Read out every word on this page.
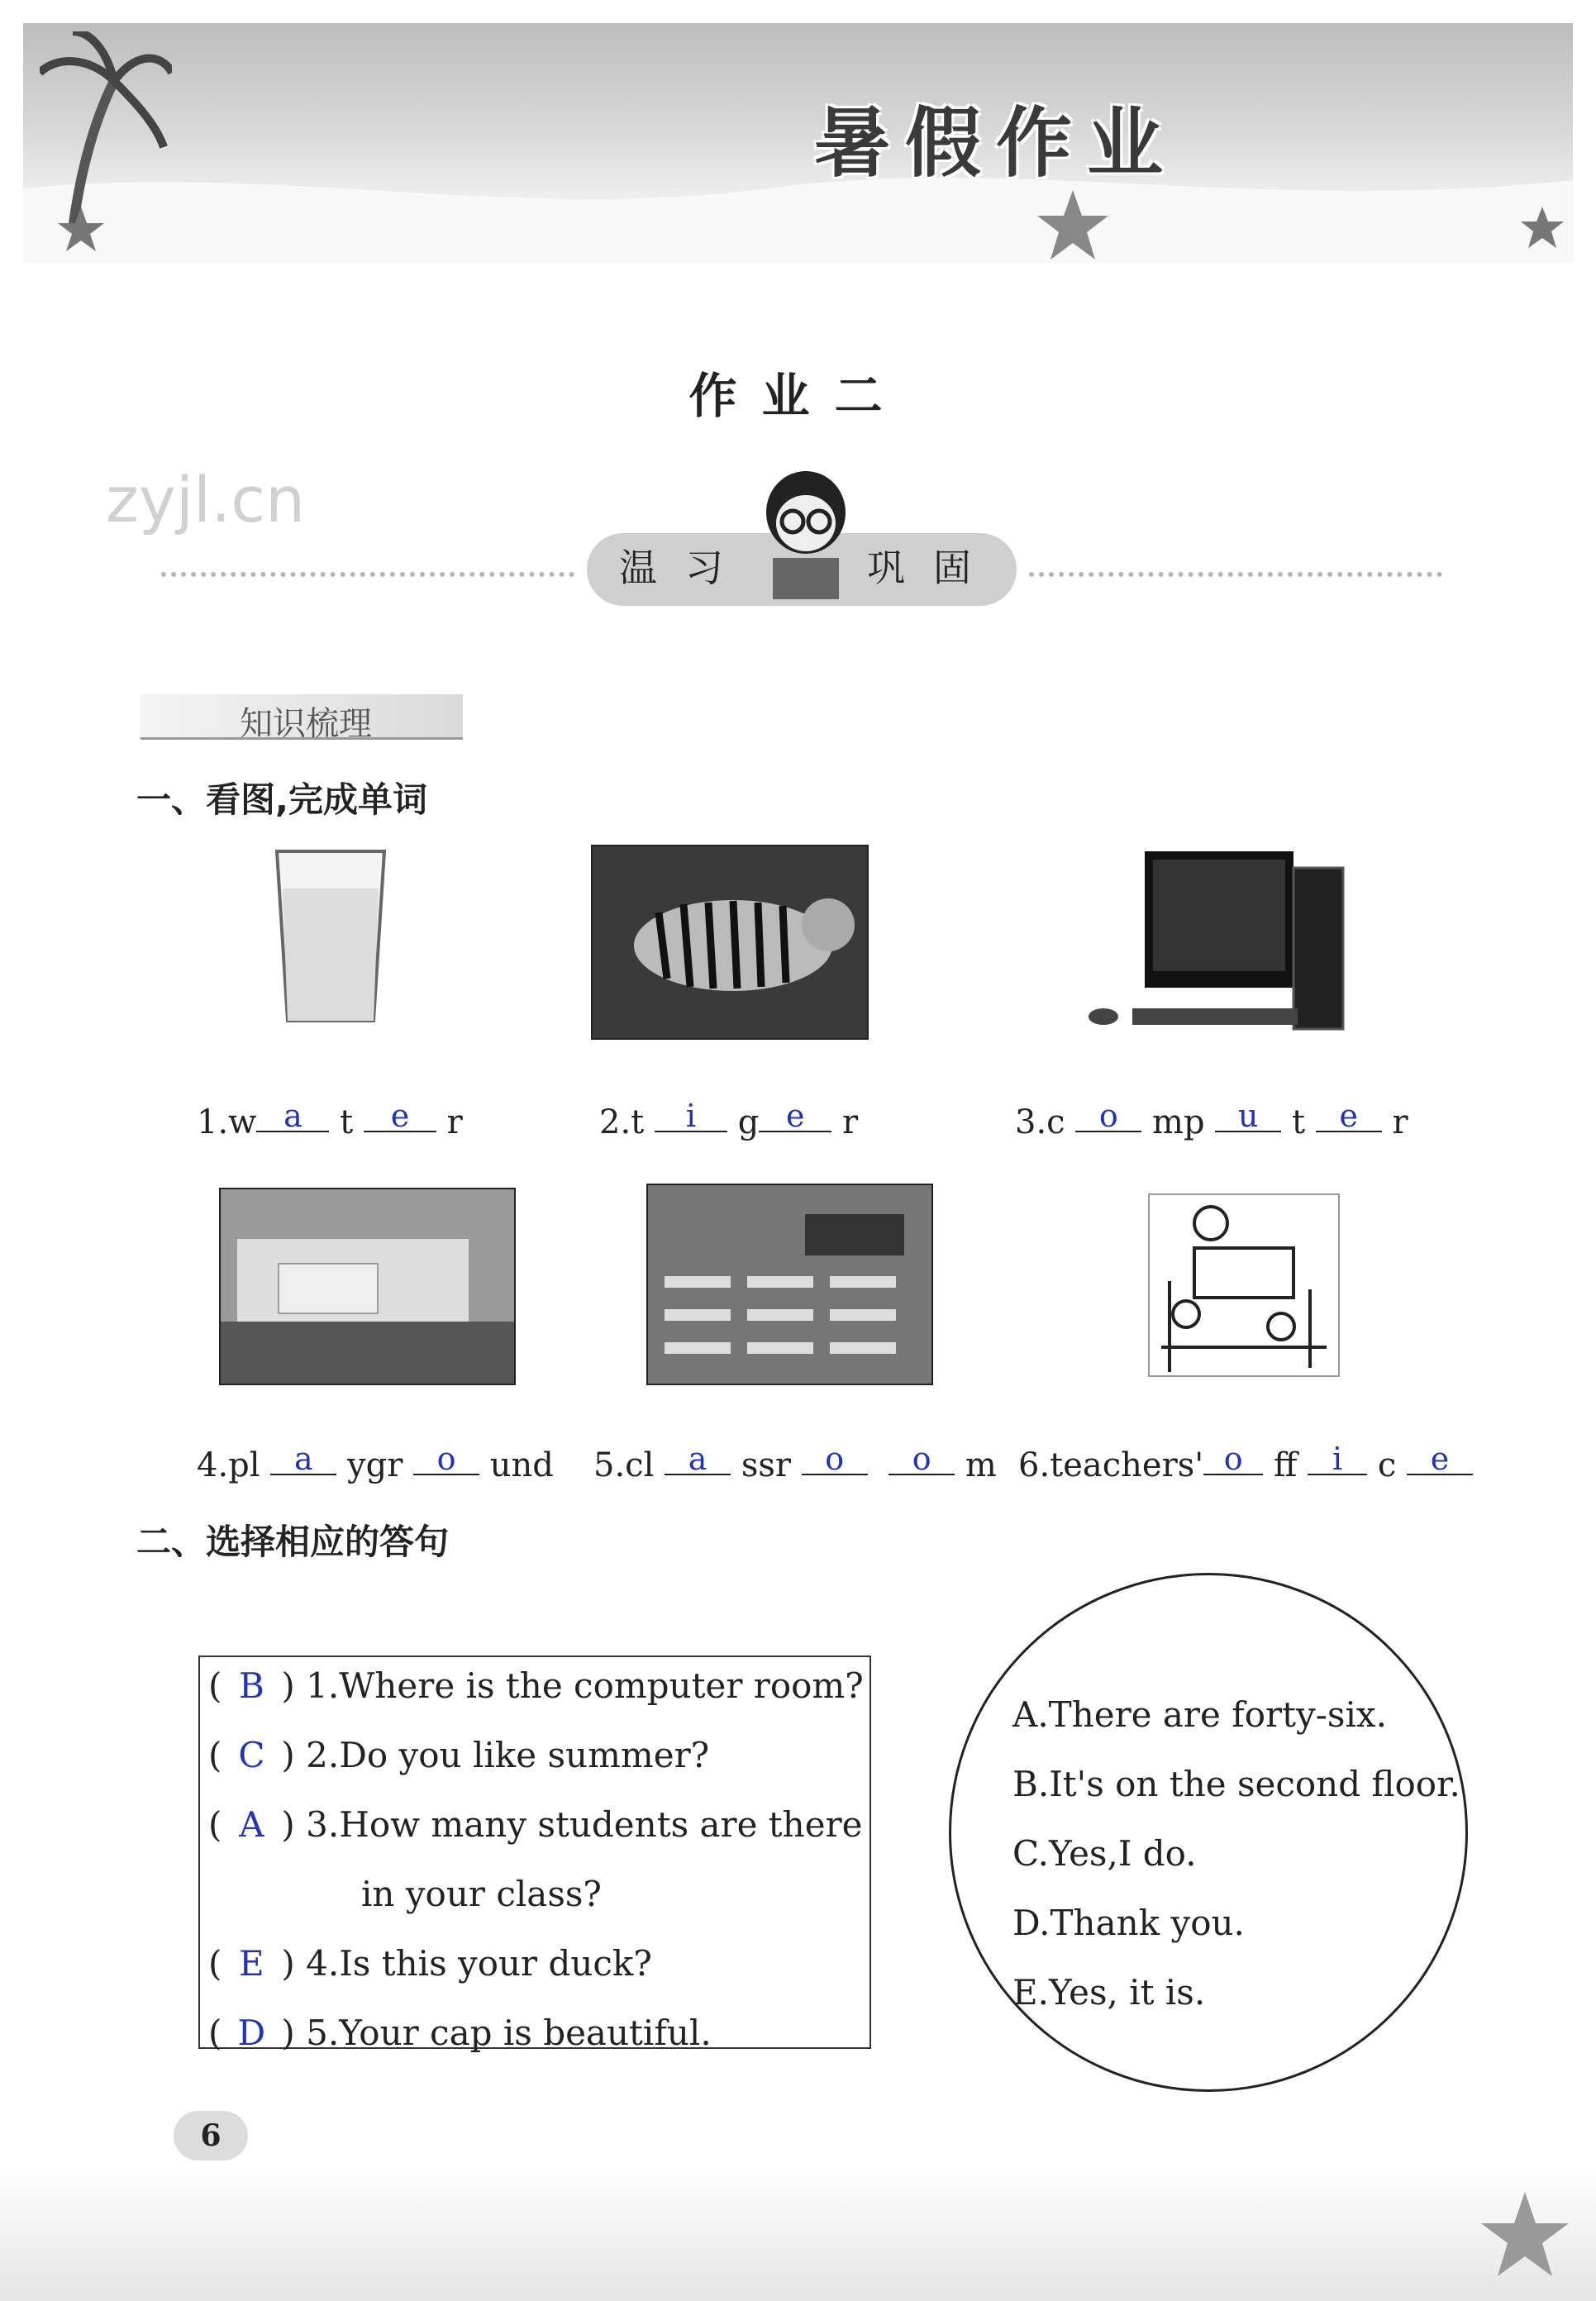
暑假作业
作业二
zyjl.cn
温 习	巩 固
知识梳理
一、看图,完成单词
1.w a t e r	2.t i g e r	3.c o mp u t e r
4.pl a ygr o und 5.cl a ssr o o m 6.teachers' o ff i c e
二、选择相应的答句
( B ) 1.Where is the computer room?
( C ) 2.Do you like summer?
( A ) 3.How many students are there
in your class?
( E ) 4.Is this your duck?
( D ) 5.Your cap is beautiful.
A.There are forty-six.
B.It's on the second floor.
C.Yes,I do.
D.Thank you.
E.Yes, it is.
6
